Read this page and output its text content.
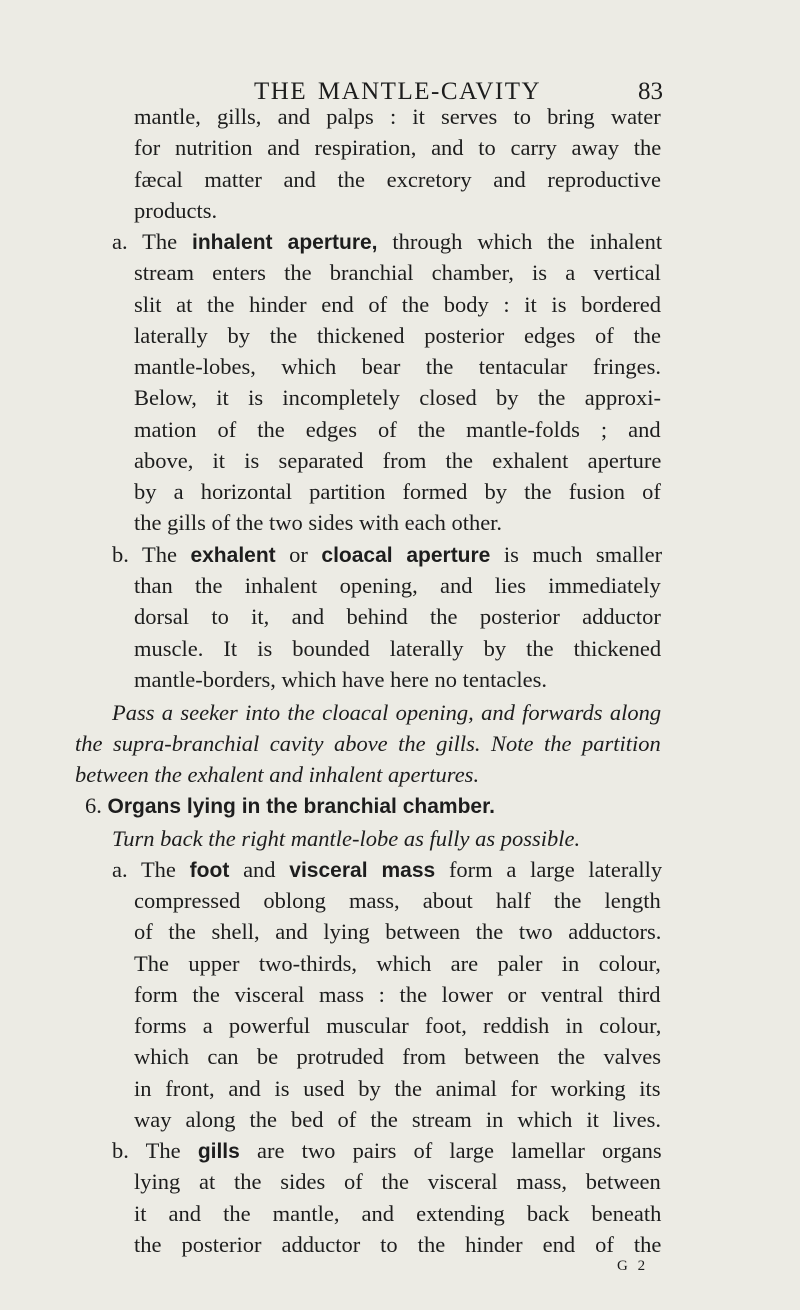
THE MANTLE-CAVITY	83
mantle, gills, and palps : it serves to bring water
for nutrition and respiration, and to carry away the
fæcal matter and the excretory and reproductive
products.
a. The inhalent aperture, through which the inhalent
stream enters the branchial chamber, is a vertical
slit at the hinder end of the body : it is bordered
laterally by the thickened posterior edges of the
mantle-lobes, which bear the tentacular fringes.
Below, it is incompletely closed by the approxi-
mation of the edges of the mantle-folds ; and
above, it is separated from the exhalent aperture
by a horizontal partition formed by the fusion of
the gills of the two sides with each other.
b. The exhalent or cloacal aperture is much smaller
than the inhalent opening, and lies immediately
dorsal to it, and behind the posterior adductor
muscle. It is bounded laterally by the thickened
mantle-borders, which have here no tentacles.
Pass a seeker into the cloacal opening, and forwards along
the supra-branchial cavity above the gills. Note the partition
between the exhalent and inhalent apertures.
6. Organs lying in the branchial chamber.
Turn back the right mantle-lobe as fully as possible.
a. The foot and visceral mass form a large laterally
compressed oblong mass, about half the length
of the shell, and lying between the two adductors.
The upper two-thirds, which are paler in colour,
form the visceral mass : the lower or ventral third
forms a powerful muscular foot, reddish in colour,
which can be protruded from between the valves
in front, and is used by the animal for working its
way along the bed of the stream in which it lives.
b. The gills are two pairs of large lamellar organs
lying at the sides of the visceral mass, between
it and the mantle, and extending back beneath
the posterior adductor to the hinder end of the
G 2
